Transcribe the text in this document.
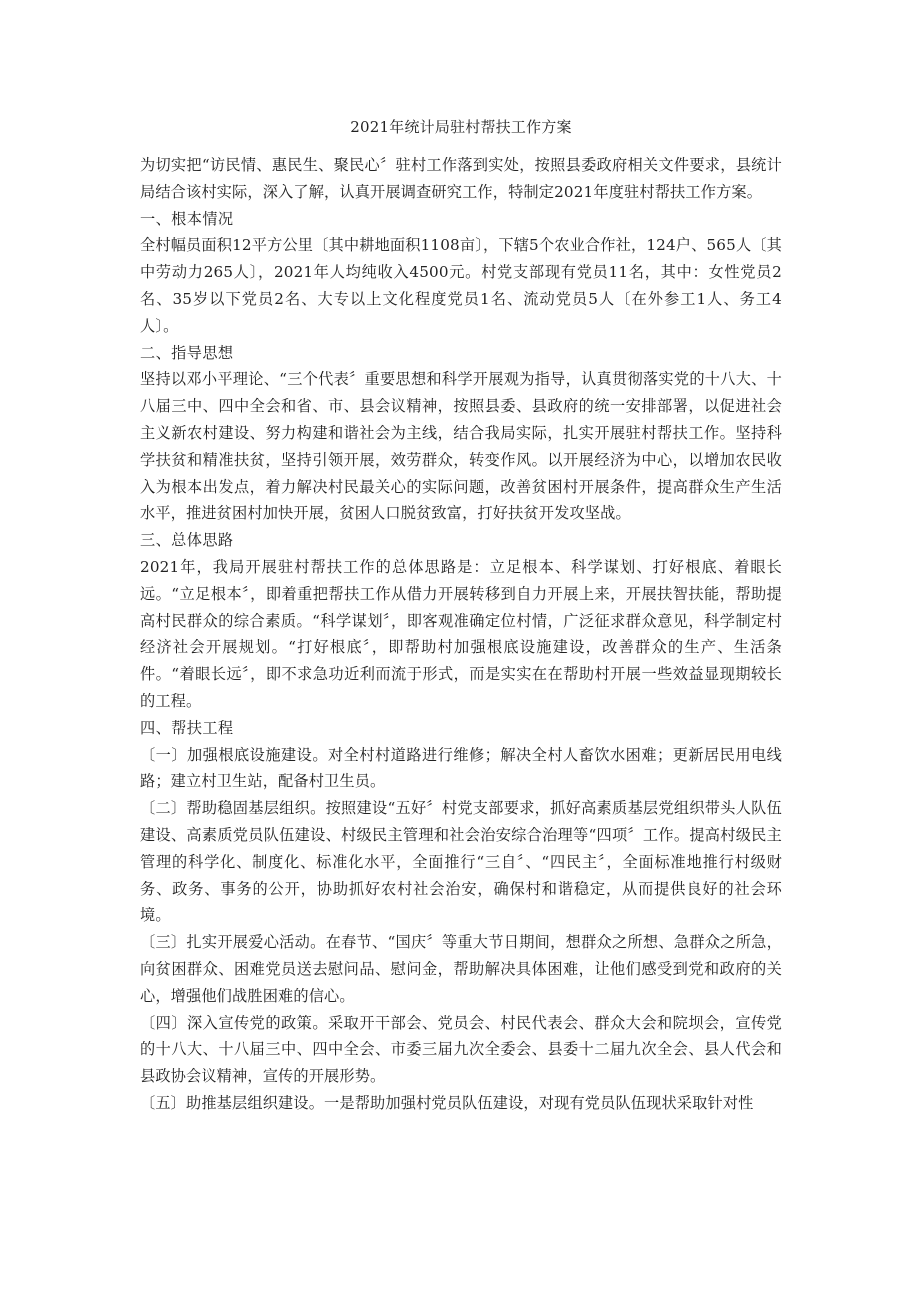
2021年统计局驻村帮扶工作方案

为切实把“访民情、惠民生、聚民心〞驻村工作落到实处，按照县委政府相关文件要求，县统计局结合该村实际，深入了解，认真开展调查研究工作，特制定2021年度驻村帮扶工作方案。

一、根本情况

全村幅员面积12平方公里〔其中耕地面积1108亩〕，下辖5个农业合作社，124户、565人〔其中劳动力265人〕，2021年人均纯收入4500元。村党支部现有党员11名，其中：女性党员2名、35岁以下党员2名、大专以上文化程度党员1名、流动党员5人〔在外参工1人、务工4人〕。

二、指导思想

坚持以邓小平理论、“三个代表〞重要思想和科学开展观为指导，认真贯彻落实党的十八大、十八届三中、四中全会和省、市、县会议精神，按照县委、县政府的统一安排部署，以促进社会主义新农村建设、努力构建和谐社会为主线，结合我局实际，扎实开展驻村帮扶工作。坚持科学扶贫和精准扶贫，坚持引领开展，效劳群众，转变作风。以开展经济为中心，以增加农民收入为根本出发点，着力解决村民最关心的实际问题，改善贫困村开展条件，提高群众生产生活水平，推进贫困村加快开展，贫困人口脱贫致富，打好扶贫开发攻坚战。

三、总体思路

2021年，我局开展驻村帮扶工作的总体思路是：立足根本、科学谋划、打好根底、着眼长远。“立足根本〞，即着重把帮扶工作从借力开展转移到自力开展上来，开展扶智扶能，帮助提高村民群众的综合素质。“科学谋划〞，即客观准确定位村情，广泛征求群众意见，科学制定村经济社会开展规划。“打好根底〞，即帮助村加强根底设施建设，改善群众的生产、生活条件。“着眼长远〞，即不求急功近利而流于形式，而是实实在在帮助村开展一些效益显现期较长的工程。

四、帮扶工程

〔一〕加强根底设施建设。对全村村道路进行维修；解决全村人畜饮水困难；更新居民用电线路；建立村卫生站，配备村卫生员。

〔二〕帮助稳固基层组织。按照建设“五好〞村党支部要求，抓好高素质基层党组织带头人队伍建设、高素质党员队伍建设、村级民主管理和社会治安综合治理等“四项〞工作。提高村级民主管理的科学化、制度化、标准化水平，全面推行“三自〞、“四民主〞，全面标准地推行村级财务、政务、事务的公开，协助抓好农村社会治安，确保村和谐稳定，从而提供良好的社会环境。

〔三〕扎实开展爱心活动。在春节、“国庆〞等重大节日期间，想群众之所想、急群众之所急，向贫困群众、困难党员送去慰问品、慰问金，帮助解决具体困难，让他们感受到党和政府的关心，增强他们战胜困难的信心。

〔四〕深入宣传党的政策。采取开干部会、党员会、村民代表会、群众大会和院坝会，宣传党的十八大、十八届三中、四中全会、市委三届九次全委会、县委十二届九次全会、县人代会和县政协会议精神，宣传的开展形势。

〔五〕助推基层组织建设。一是帮助加强村党员队伍建设，对现有党员队伍现状采取针对性
